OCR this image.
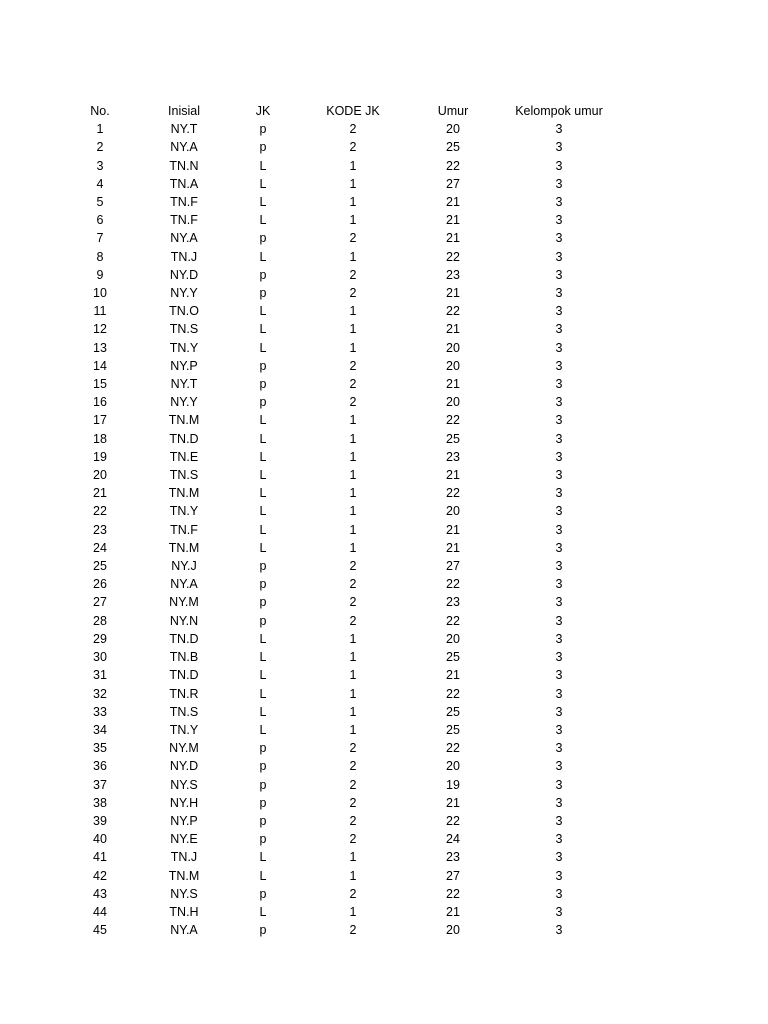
No.	Inisial	JK	KODE JK	Umur	Kelompok umur
1	NY.T	p	2	20	3
2	NY.A	p	2	25	3
3	TN.N	L	1	22	3
4	TN.A	L	1	27	3
5	TN.F	L	1	21	3
6	TN.F	L	1	21	3
7	NY.A	p	2	21	3
8	TN.J	L	1	22	3
9	NY.D	p	2	23	3
10	NY.Y	p	2	21	3
11	TN.O	L	1	22	3
12	TN.S	L	1	21	3
13	TN.Y	L	1	20	3
14	NY.P	p	2	20	3
15	NY.T	p	2	21	3
16	NY.Y	p	2	20	3
17	TN.M	L	1	22	3
18	TN.D	L	1	25	3
19	TN.E	L	1	23	3
20	TN.S	L	1	21	3
21	TN.M	L	1	22	3
22	TN.Y	L	1	20	3
23	TN.F	L	1	21	3
24	TN.M	L	1	21	3
25	NY.J	p	2	27	3
26	NY.A	p	2	22	3
27	NY.M	p	2	23	3
28	NY.N	p	2	22	3
29	TN.D	L	1	20	3
30	TN.B	L	1	25	3
31	TN.D	L	1	21	3
32	TN.R	L	1	22	3
33	TN.S	L	1	25	3
34	TN.Y	L	1	25	3
35	NY.M	p	2	22	3
36	NY.D	p	2	20	3
37	NY.S	p	2	19	3
38	NY.H	p	2	21	3
39	NY.P	p	2	22	3
40	NY.E	p	2	24	3
41	TN.J	L	1	23	3
42	TN.M	L	1	27	3
43	NY.S	p	2	22	3
44	TN.H	L	1	21	3
45	NY.A	p	2	20	3
